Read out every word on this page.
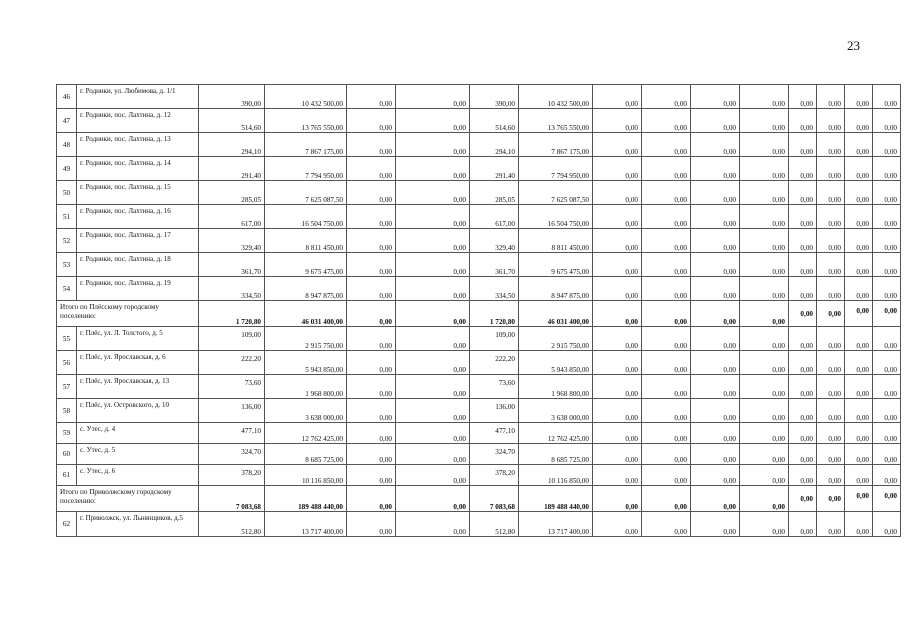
23
46	г. Родники, ул. Любимова, д. 1/1	390,00	10 432 500,00	0,00	0,00	390,00	10 432 500,00	0,00	0,00	0,00	0,00	0,00	0,00	0,00	0,00
47	г. Родники, пос. Лахтина, д. 12	514,60	13 765 550,00	0,00	0,00	514,60	13 765 550,00	0,00	0,00	0,00	0,00	0,00	0,00	0,00	0,00
48	г. Родники, пос. Лахтина, д. 13	294,10	7 867 175,00	0,00	0,00	294,10	7 867 175,00	0,00	0,00	0,00	0,00	0,00	0,00	0,00	0,00
49	г. Родники, пос. Лахтина, д. 14	291,40	7 794 950,00	0,00	0,00	291,40	7 794 950,00	0,00	0,00	0,00	0,00	0,00	0,00	0,00	0,00
50	г. Родники, пос. Лахтина, д. 15	285,05	7 625 087,50	0,00	0,00	285,05	7 625 087,50	0,00	0,00	0,00	0,00	0,00	0,00	0,00	0,00
51	г. Родники, пос. Лахтина, д. 16	617,00	16 504 750,00	0,00	0,00	617,00	16 504 750,00	0,00	0,00	0,00	0,00	0,00	0,00	0,00	0,00
52	г. Родники, пос. Лахтина, д. 17	329,40	8 811 450,00	0,00	0,00	329,40	8 811 450,00	0,00	0,00	0,00	0,00	0,00	0,00	0,00	0,00
53	г. Родники, пос. Лахтина, д. 18	361,70	9 675 475,00	0,00	0,00	361,70	9 675 475,00	0,00	0,00	0,00	0,00	0,00	0,00	0,00	0,00
54	г. Родники, пос. Лахтина, д. 19	334,50	8 947 875,00	0,00	0,00	334,50	8 947 875,00	0,00	0,00	0,00	0,00	0,00	0,00	0,00	0,00
Итого по Плёсскому городскому поселению:		1 720,80	46 031 400,00	0,00	0,00	1 720,80	46 031 400,00	0,00	0,00	0,00	0,00	0,00	0,00	0,00	0,00
55	г. Плёс, ул. Л. Толстого, д. 5	109,00	2 915 750,00	0,00	0,00	109,00	2 915 750,00	0,00	0,00	0,00	0,00	0,00	0,00	0,00	0,00
56	г. Плёс, ул. Ярославская, д. 6	222,20	5 943 850,00	0,00	0,00	222,20	5 943 850,00	0,00	0,00	0,00	0,00	0,00	0,00	0,00	0,00
57	г. Плёс, ул. Ярославская, д. 13	73,60	1 968 800,00	0,00	0,00	73,60	1 968 800,00	0,00	0,00	0,00	0,00	0,00	0,00	0,00	0,00
58	г. Плёс, ул. Островского, д. 10	136,00	3 638 000,00	0,00	0,00	136,00	3 638 000,00	0,00	0,00	0,00	0,00	0,00	0,00	0,00	0,00
59	с. Утес, д. 4	477,10	12 762 425,00	0,00	0,00	477,10	12 762 425,00	0,00	0,00	0,00	0,00	0,00	0,00	0,00	0,00
60	с. Утес, д. 5	324,70	8 685 725,00	0,00	0,00	324,70	8 685 725,00	0,00	0,00	0,00	0,00	0,00	0,00	0,00	0,00
61	с. Утес, д. 6	378,20	10 116 850,00	0,00	0,00	378,20	10 116 850,00	0,00	0,00	0,00	0,00	0,00	0,00	0,00	0,00
Итого по Приволжскому городскому поселению:		7 083,68	189 488 440,00	0,00	0,00	7 083,68	189 488 440,00	0,00	0,00	0,00	0,00	0,00	0,00	0,00	0,00
62	г. Приволжск, ул. Льнянщиков, д.5	512,80	13 717 400,00	0,00	0,00	512,80	13 717 400,00	0,00	0,00	0,00	0,00	0,00	0,00	0,00	0,00
